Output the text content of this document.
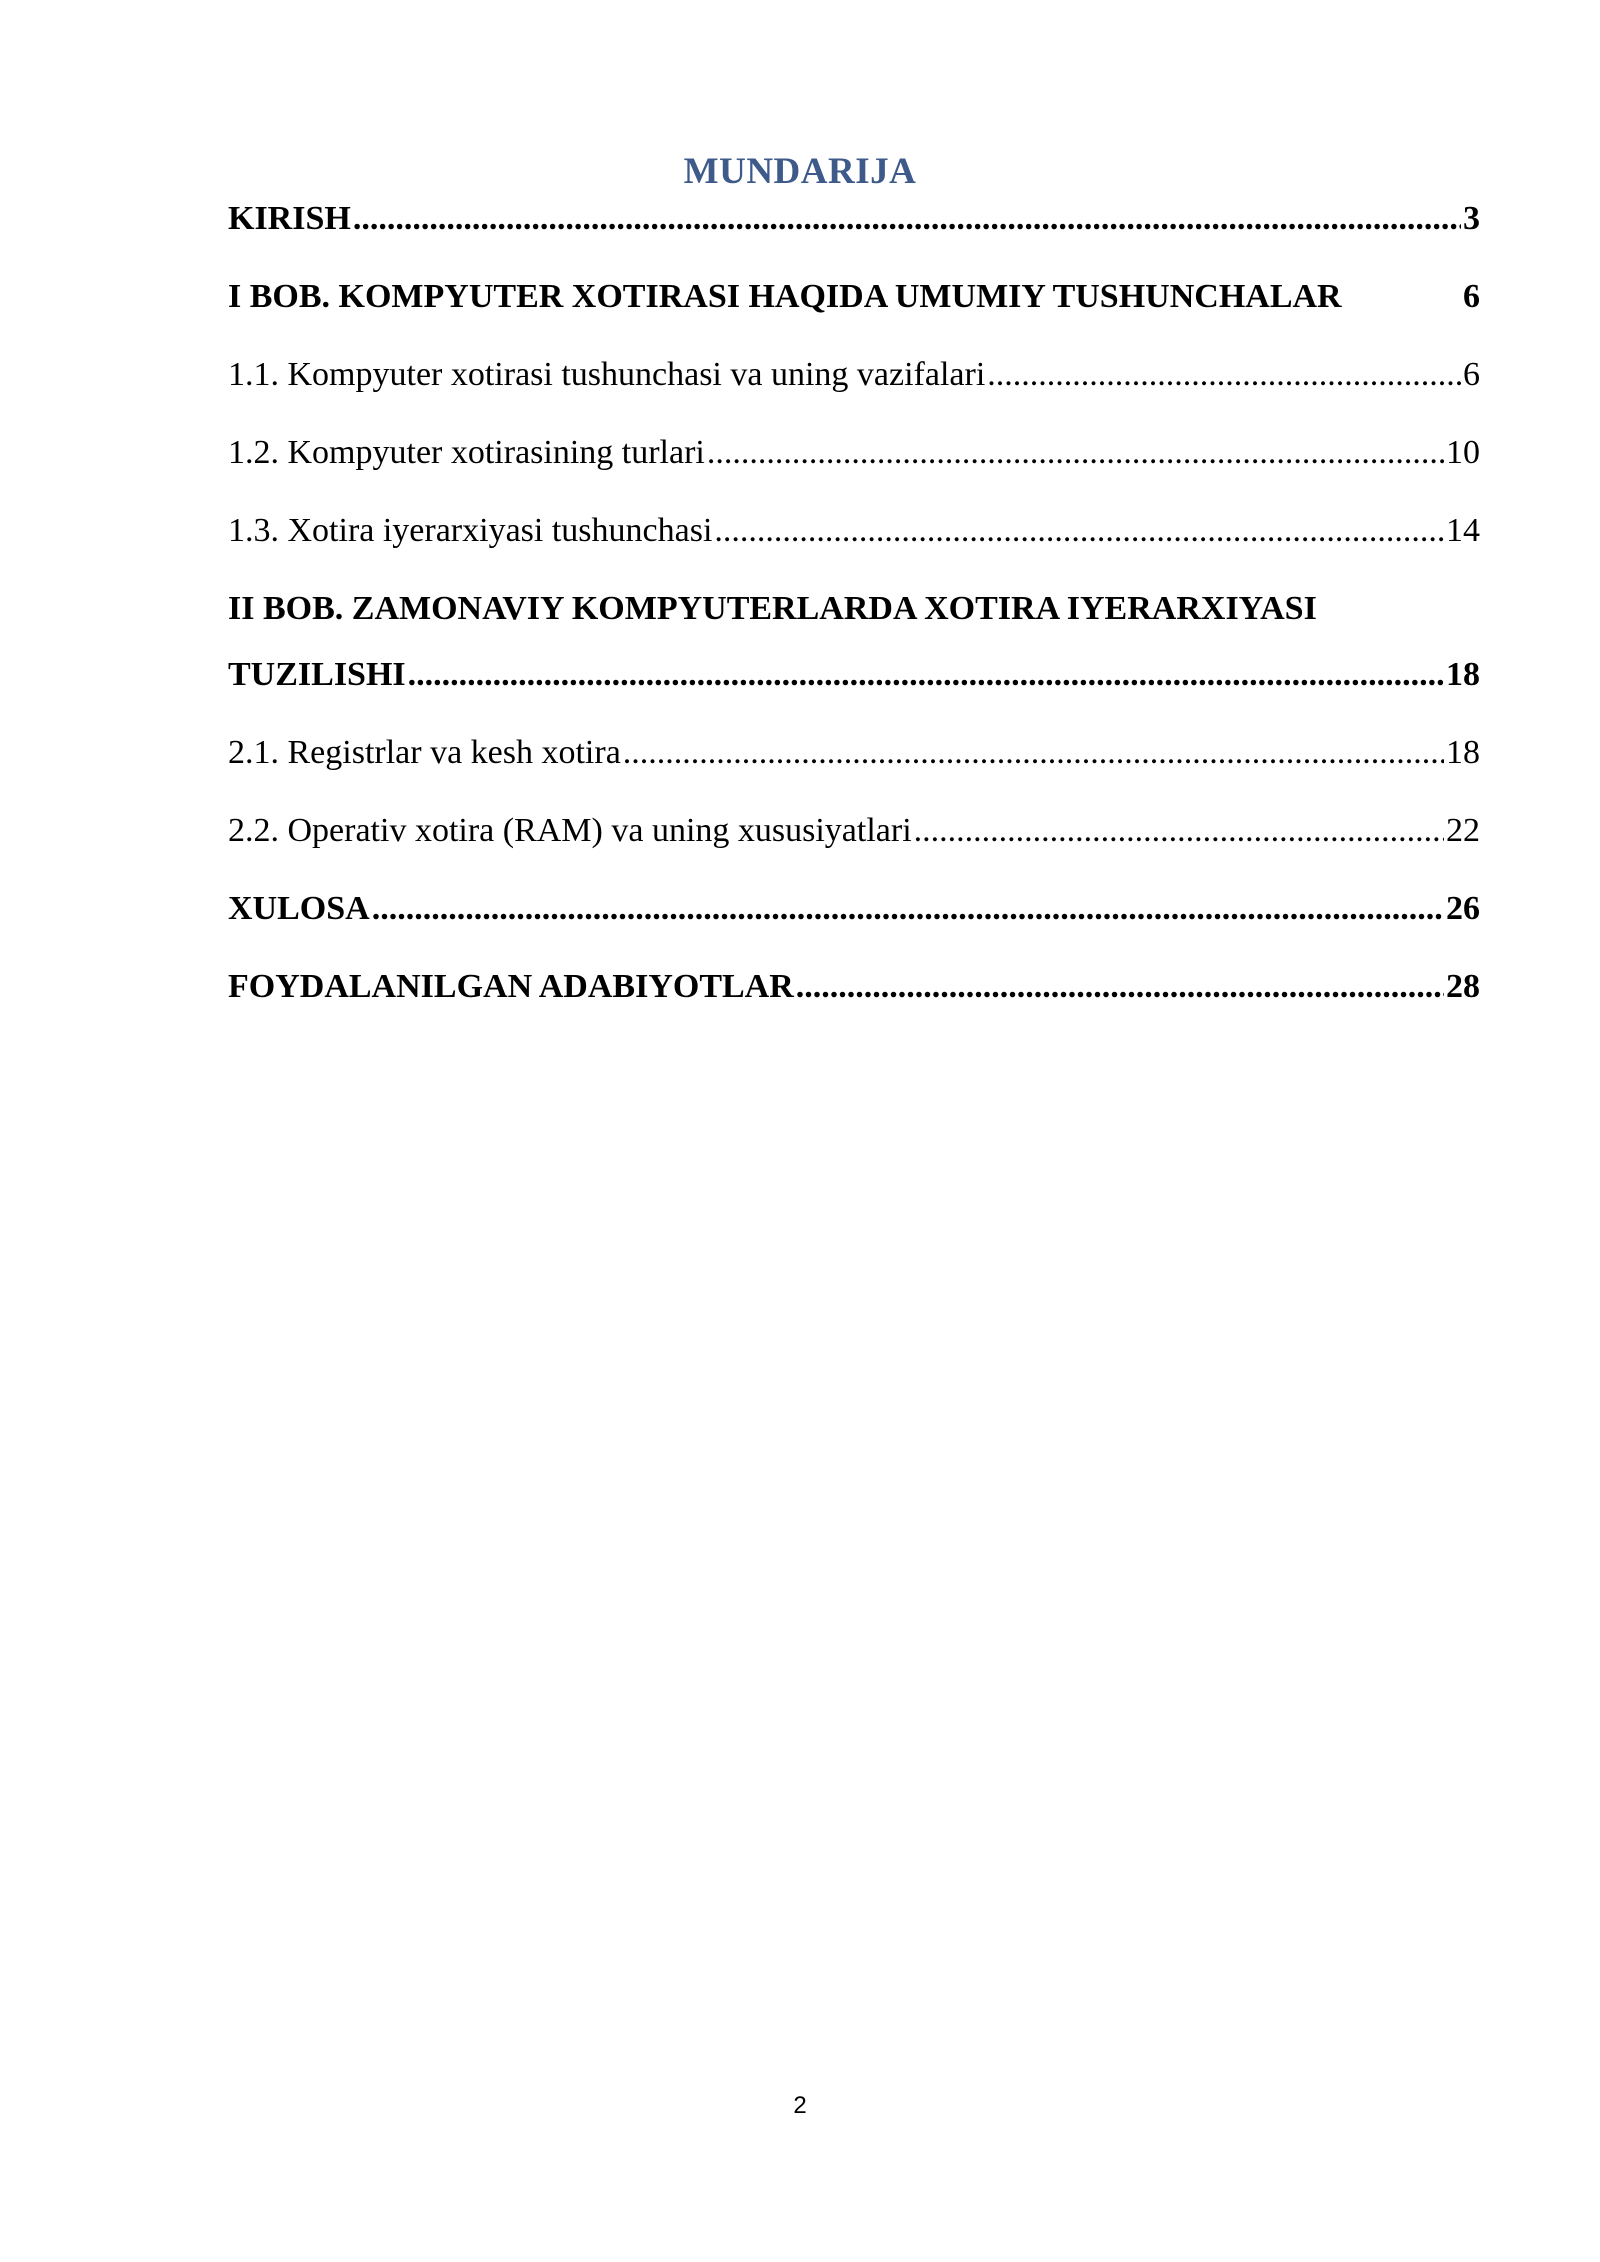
MUNDARIJA
KIRISH .....	3
I BOB. KOMPYUTER XOTIRASI HAQIDA UMUMIY TUSHUNCHALAR	6
1.1. Kompyuter xotirasi tushunchasi va uning vazifalari .....	6
1.2. Kompyuter xotirasining turlari .....	10
1.3. Xotira iyerarxiyasi tushunchasi .....	14
II BOB. ZAMONAVIY KOMPYUTERLARDA XOTIRA IYERARXIYASI
TUZILISHI .....	18
2.1. Registrlar va kesh xotira .....	18
2.2. Operativ xotira (RAM) va uning xususiyatlari .....	22
XULOSA .....	26
FOYDALANILGAN ADABIYOTLAR .....	28
2
